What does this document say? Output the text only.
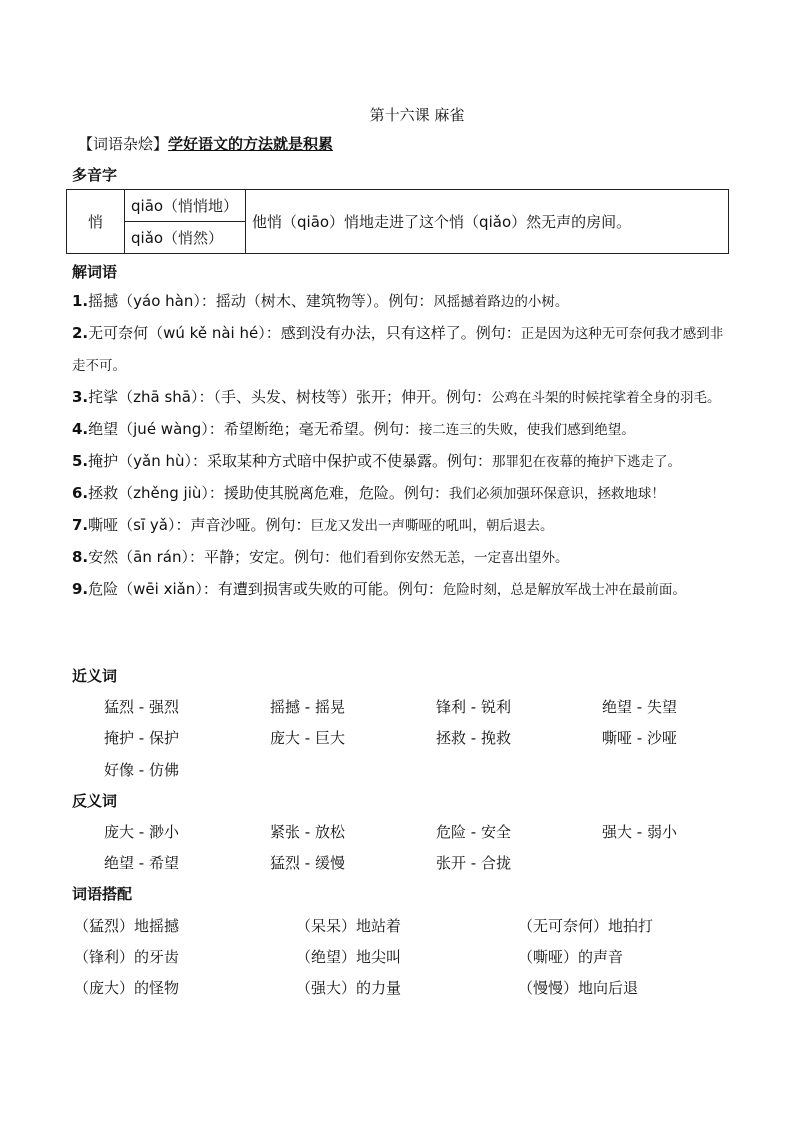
第十六课 麻雀
【词语杂烩】学好语文的方法就是积累
多音字
悄	qiāo（悄悄地）	他悄（qiāo）悄地走进了这个悄（qiǎo）然无声的房间。
qiǎo（悄然）
解词语
1.摇撼（yáo hàn）：摇动（树木、建筑物等）。例句：风摇撼着路边的小树。
2.无可奈何（wú kě nài hé）：感到没有办法，只有这样了。例句：正是因为这种无可奈何我才感到非走不可。
3.挓挲（zhā shā）：（手、头发、树枝等）张开；伸开。例句：公鸡在斗架的时候挓挲着全身的羽毛。
4.绝望（jué wàng）：希望断绝；毫无希望。例句：接二连三的失败，使我们感到绝望。
5.掩护（yǎn hù）：采取某种方式暗中保护或不使暴露。例句：那罪犯在夜幕的掩护下逃走了。
6.拯救（zhěng jiù）：援助使其脱离危难，危险。例句：我们必须加强环保意识，拯救地球！
7.嘶哑（sī yǎ）：声音沙哑。例句：巨龙又发出一声嘶哑的吼叫，朝后退去。
8.安然（ān rán）：平静；安定。例句：他们看到你安然无恙，一定喜出望外。
9.危险（wēi xiǎn）：有遭到损害或失败的可能。例句：危险时刻，总是解放军战士冲在最前面。
近义词
猛烈 - 强烈	摇撼 - 摇晃	锋利 - 锐利	绝望 - 失望
掩护 - 保护	庞大 - 巨大	拯救 - 挽救	嘶哑 - 沙哑
好像 - 仿佛
反义词
庞大 - 渺小	紧张 - 放松	危险 - 安全	强大 - 弱小
绝望 - 希望	猛烈 - 缓慢	张开 - 合拢
词语搭配
（猛烈）地摇撼	（呆呆）地站着	（无可奈何）地拍打
（锋利）的牙齿	（绝望）地尖叫	（嘶哑）的声音
（庞大）的怪物	（强大）的力量	（慢慢）地向后退
